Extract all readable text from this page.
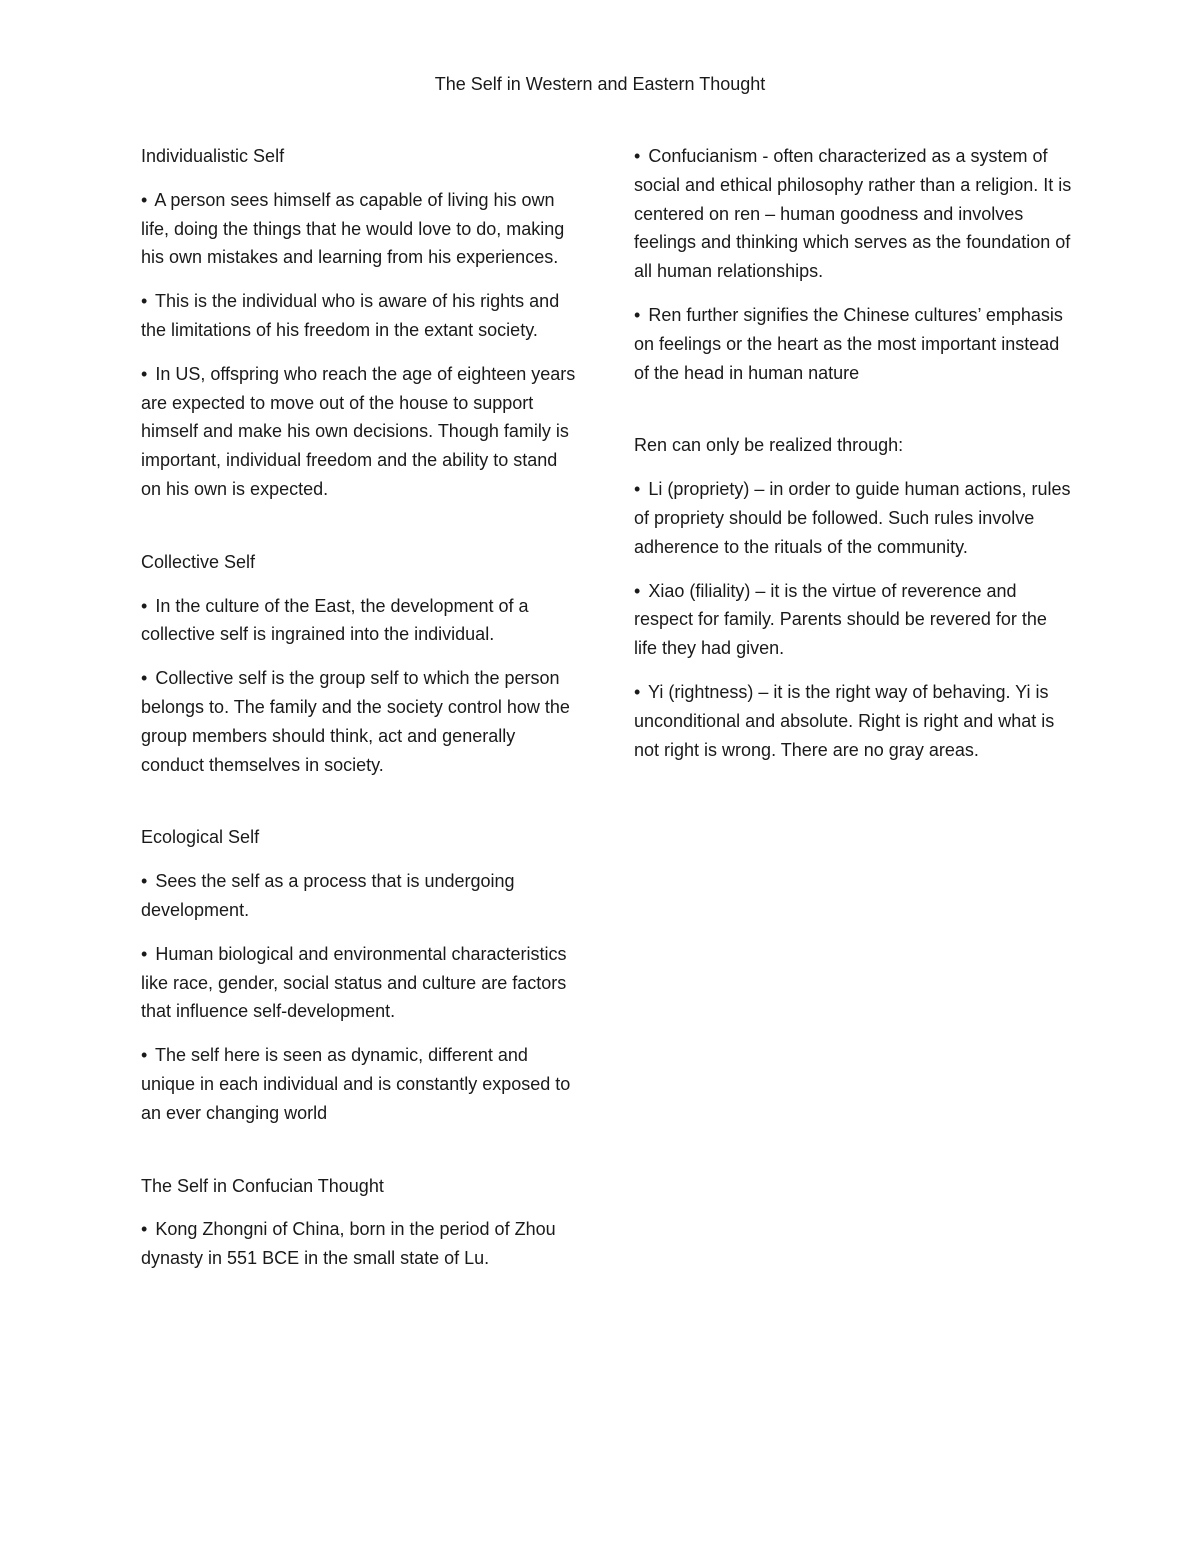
The Self in Western and Eastern Thought

Individualistic Self

• A person sees himself as capable of living his own life, doing the things that he would love to do, making his own mistakes and learning from his experiences.

• This is the individual who is aware of his rights and the limitations of his freedom in the extant society.

• In US, offspring who reach the age of eighteen years are expected to move out of the house to support himself and make his own decisions. Though family is important, individual freedom and the ability to stand on his own is expected.

Collective Self

• In the culture of the East, the development of a collective self is ingrained into the individual.

• Collective self is the group self to which the person belongs to. The family and the society control how the group members should think, act and generally conduct themselves in society.

Ecological Self

• Sees the self as a process that is undergoing development.

• Human biological and environmental characteristics like race, gender, social status and culture are factors that influence self-development.

• The self here is seen as dynamic, different and unique in each individual and is constantly exposed to an ever changing world

The Self in Confucian Thought

• Kong Zhongni of China, born in the period of Zhou dynasty in 551 BCE in the small state of Lu.

• Confucianism - often characterized as a system of social and ethical philosophy rather than a religion. It is centered on ren – human goodness and involves feelings and thinking which serves as the foundation of all human relationships.

• Ren further signifies the Chinese cultures’ emphasis on feelings or the heart as the most important instead of the head in human nature

Ren can only be realized through:

• Li (propriety) – in order to guide human actions, rules of propriety should be followed. Such rules involve adherence to the rituals of the community.

• Xiao (filiality) – it is the virtue of reverence and respect for family. Parents should be revered for the life they had given.

• Yi (rightness) – it is the right way of behaving. Yi is unconditional and absolute. Right is right and what is not right is wrong. There are no gray areas.
